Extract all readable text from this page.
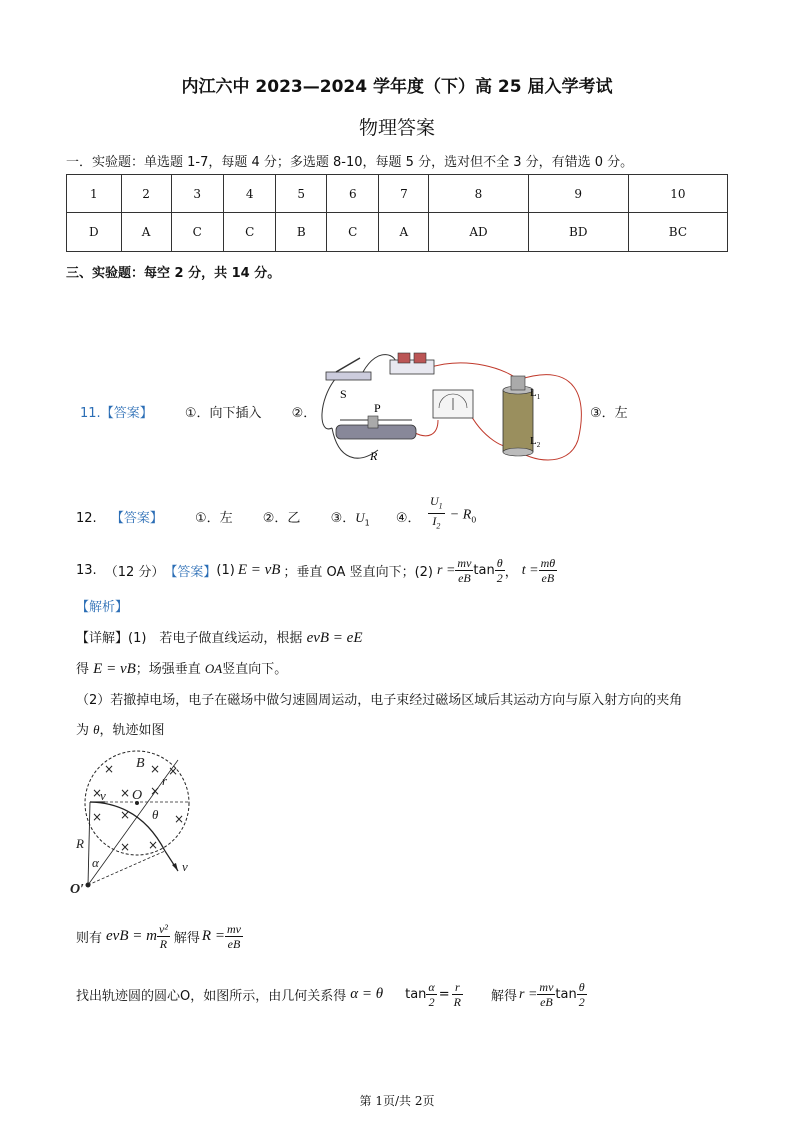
内江六中 2023—2024 学年度（下）高 25 届入学考试
物理答案
一．实验题：单选题 1-7，每题 4 分；多选题 8-10，每题 5 分，选对但不全 3 分，有错选 0 分。
1	2	3	4	5	6	7	8	9	10
D	A	C	C	B	C	A	AD	BD	BC
三、实验题：每空 2 分，共 14 分。
11.【答案】 ①．向下插入 ②．	③．左
S
P
R
$L_1$
$L_2$
12. 【答案】 ①．左 ②．乙 ③．$U_1$ ④． $\frac{U_1}{I_2} - R_0$
13. （12 分） 【答案】 (1) E = vB ；垂直 OA 竖直向下；(2) $r = \frac{mv}{eB}$ $\tan \frac{\theta}{2}$ ， $t = \frac{m\theta}{eB}$
【解析】
【详解】(1)　若电子做直线运动，根据 evB = eE
得 E = vB；场强垂直 OA竖直向下。
（2）若撤掉电场，电子在磁场中做匀速圆周运动，电子束经过磁场区域后其运动方向与原入射方向的夹角
为 θ，轨迹如图
×	× ×
× × ×
× ×	×
× ×
B
v O
r
θ
R
α
O′
v
则有 evB = m $\frac{\text{v²}}{R}$ 解得 $R = \frac{mv}{eB}$
找出轨迹圆的圆心O，如图所示，由几何关系得 α = θ $\tan \frac{\alpha}{2} = \frac{r}{R}$ 解得 $r = \frac{mv}{eB}$ $\tan \frac{\theta}{2}$
第 1页/共 2页
